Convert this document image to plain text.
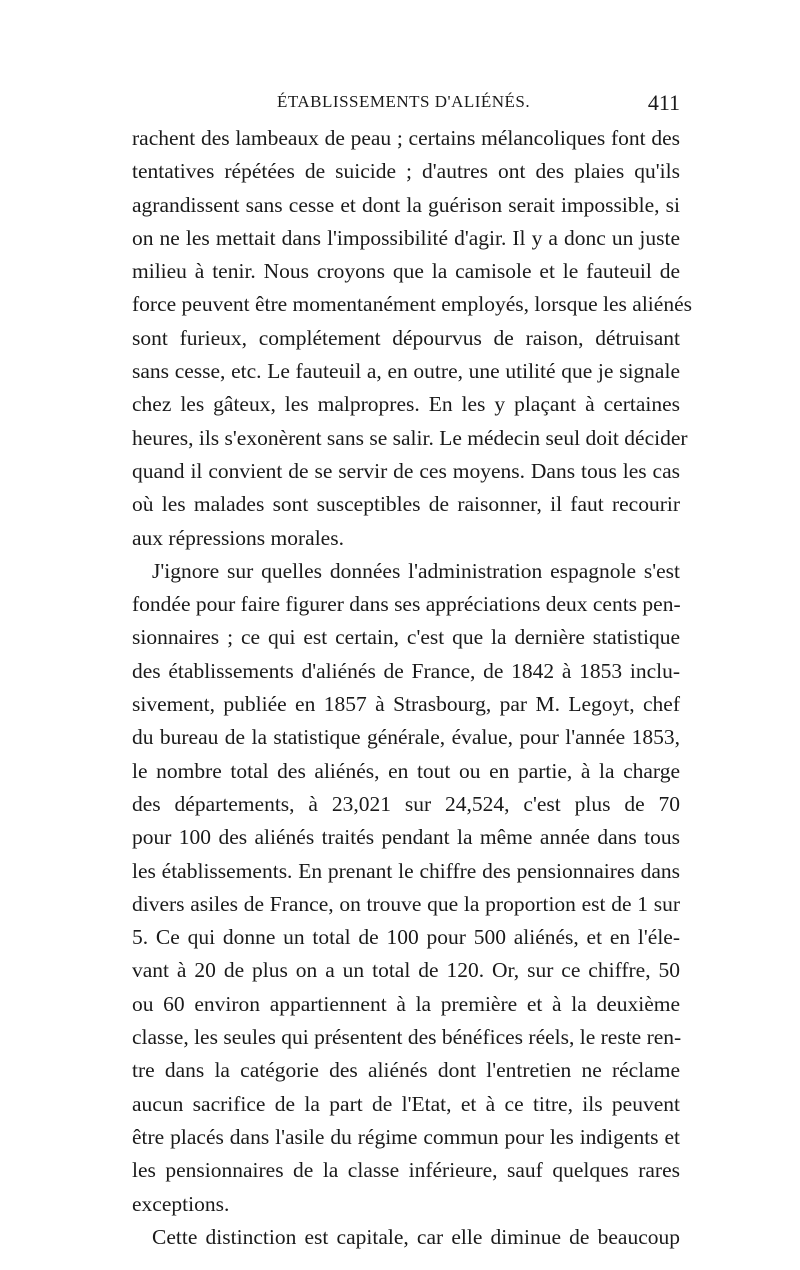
ÉTABLISSEMENTS D'ALIÉNÉS.	411
rachent des lambeaux de peau ; certains mélancoliques font des
tentatives répétées de suicide ; d'autres ont des plaies qu'ils
agrandissent sans cesse et dont la guérison serait impossible, si
on ne les mettait dans l'impossibilité d'agir. Il y a donc un juste
milieu à tenir. Nous croyons que la camisole et le fauteuil de
force peuvent être momentanément employés, lorsque les aliénés
sont furieux, complétement dépourvus de raison, détruisant
sans cesse, etc. Le fauteuil a, en outre, une utilité que je signale
chez les gâteux, les malpropres. En les y plaçant à certaines
heures, ils s'exonèrent sans se salir. Le médecin seul doit décider
quand il convient de se servir de ces moyens. Dans tous les cas
où les malades sont susceptibles de raisonner, il faut recourir
aux répressions morales.
J'ignore sur quelles données l'administration espagnole s'est
fondée pour faire figurer dans ses appréciations deux cents pen-
sionnaires ; ce qui est certain, c'est que la dernière statistique
des établissements d'aliénés de France, de 1842 à 1853 inclu-
sivement, publiée en 1857 à Strasbourg, par M. Legoyt, chef
du bureau de la statistique générale, évalue, pour l'année 1853,
le nombre total des aliénés, en tout ou en partie, à la charge
des départements, à 23,021 sur 24,524, c'est plus de 70
pour 100 des aliénés traités pendant la même année dans tous
les établissements. En prenant le chiffre des pensionnaires dans
divers asiles de France, on trouve que la proportion est de 1 sur
5. Ce qui donne un total de 100 pour 500 aliénés, et en l'éle-
vant à 20 de plus on a un total de 120. Or, sur ce chiffre, 50
ou 60 environ appartiennent à la première et à la deuxième
classe, les seules qui présentent des bénéfices réels, le reste ren-
tre dans la catégorie des aliénés dont l'entretien ne réclame
aucun sacrifice de la part de l'Etat, et à ce titre, ils peuvent
être placés dans l'asile du régime commun pour les indigents et
les pensionnaires de la classe inférieure, sauf quelques rares
exceptions.
Cette distinction est capitale, car elle diminue de beaucoup
